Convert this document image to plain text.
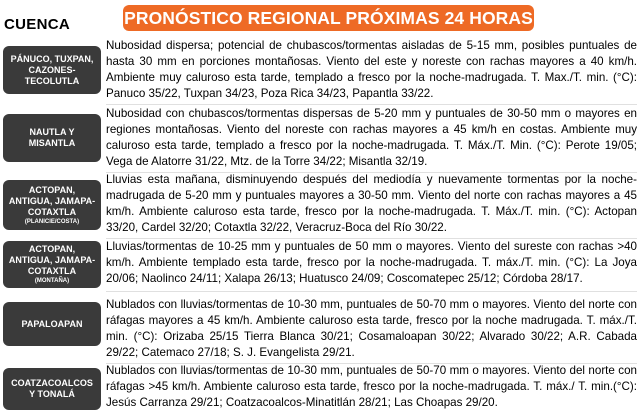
PRONÓSTICO REGIONAL PRÓXIMAS 24 HORAS
CUENCA
PÁNUCO, TUXPAN,
CAZONES-
TECOLUTLA
Nubosidad dispersa; potencial de chubascos/tormentas aisladas de 5-15 mm, posibles puntuales de hasta 30 mm en porciones montañosas. Viento del este y noreste con rachas mayores a 40 km/h. Ambiente muy caluroso esta tarde, templado a fresco por la noche-madrugada. T. Max./T. min. (°C): Panuco 35/22, Tuxpan 34/23, Poza Rica 34/23, Papantla 33/22.
NAUTLA Y
MISANTLA
Nubosidad con chubascos/tormentas dispersas de 5-20 mm y puntuales de 30-50 mm o mayores en regiones montañosas. Viento del noreste con rachas mayores a 45 km/h en costas. Ambiente muy caluroso esta tarde, templado a fresco por la noche-madrugada. T. Máx./T. Min. (°C): Perote 19/05; Vega de Alatorre 31/22, Mtz. de la Torre 34/22; Misantla 32/19.
ACTOPAN,
ANTIGUA, JAMAPA-
COTAXTLA
(PLANICIE/COSTA)
Lluvias esta mañana, disminuyendo después del mediodía y nuevamente tormentas por la noche-madrugada de 5-20 mm y puntuales mayores a 30-50 mm. Viento del norte con rachas mayores a 45 km/h. Ambiente caluroso esta tarde, fresco por la noche-madrugada. T. Máx./T. min. (°C): Actopan 33/20, Cardel 32/20; Cotaxtla 32/22, Veracruz-Boca del Río 30/22.
ACTOPAN,
ANTIGUA, JAMAPA-
COTAXTLA
(MONTAÑA)
Lluvias/tormentas de 10-25 mm y puntuales de 50 mm o mayores. Viento del sureste con rachas >40 km/h. Ambiente templado esta tarde, fresco por la noche-madrugada. T. máx./T. min. (°C): La Joya 20/06; Naolinco 24/11; Xalapa 26/13; Huatusco 24/09; Coscomatepec 25/12; Córdoba 28/17.
PAPALOAPAN
Nublados con lluvias/tormentas de 10-30 mm, puntuales de 50-70 mm o mayores. Viento del norte con ráfagas mayores a 45 km/h. Ambiente caluroso esta tarde, fresco por la noche madrugada. T. máx./T. min. (°C): Orizaba 25/15 Tierra Blanca 30/21; Cosamaloapan 30/22; Alvarado 30/22; A.R. Cabada 29/22; Catemaco 27/18; S. J. Evangelista 29/21.
COATZACOALCOS
Y TONALÁ
Nublados con lluvias/tormentas de 10-30 mm, puntuales de 50-70 mm o mayores. Viento del norte con ráfagas >45 km/h. Ambiente caluroso esta tarde, fresco por la noche-madrugada. T. máx./ T. min.(°C): Jesús Carranza 29/21; Coatzacoalcos-Minatitlán 28/21; Las Choapas 29/20.
